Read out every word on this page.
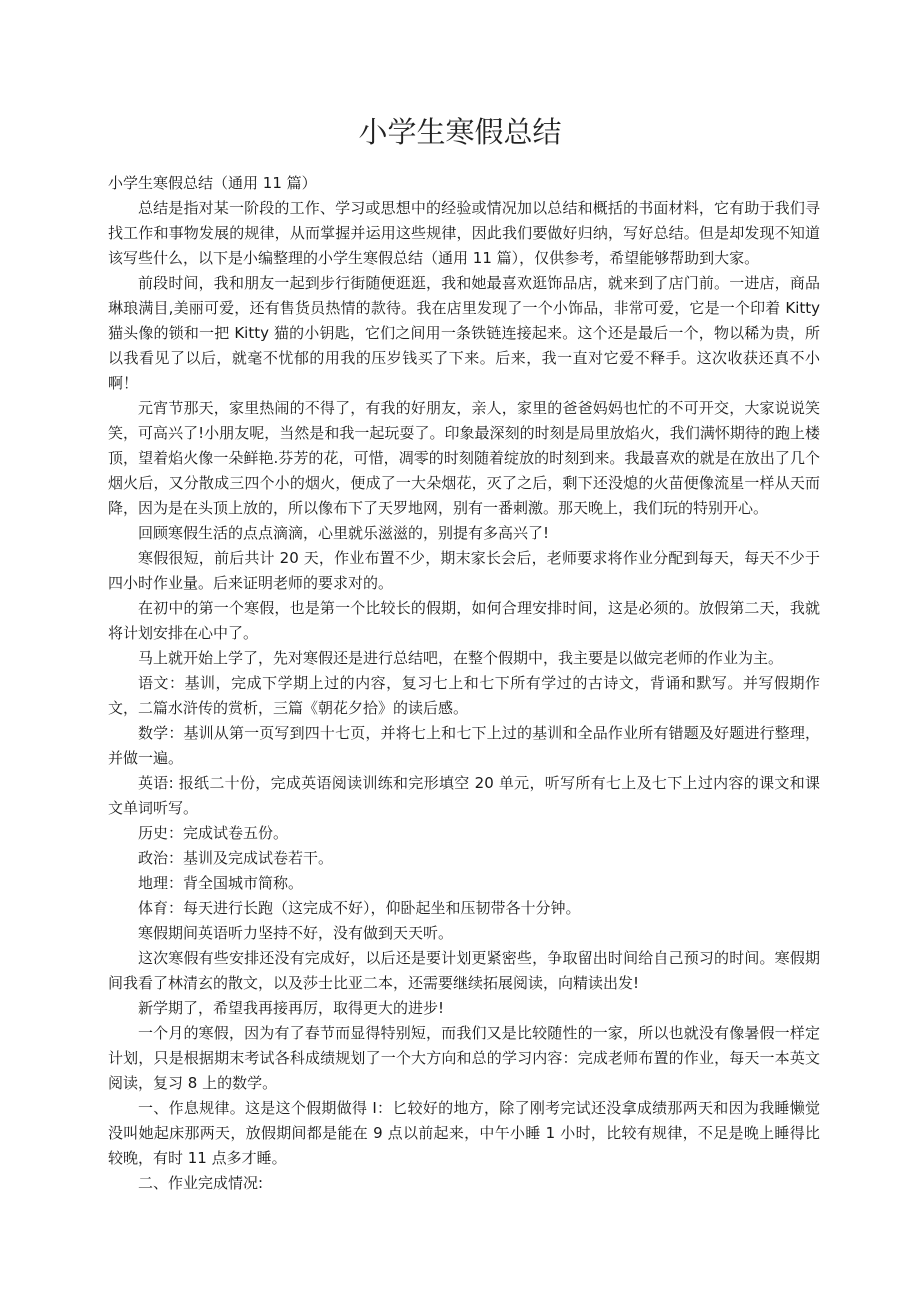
小学生寒假总结

小学生寒假总结（通用 11 篇）

总结是指对某一阶段的工作、学习或思想中的经验或情况加以总结和概括的书面材料，它有助于我们寻找工作和事物发展的规律，从而掌握并运用这些规律，因此我们要做好归纳，写好总结。但是却发现不知道该写些什么，以下是小编整理的小学生寒假总结（通用 11 篇），仅供参考，希望能够帮助到大家。

前段时间，我和朋友一起到步行街随便逛逛，我和她最喜欢逛饰品店，就来到了店门前。一进店，商品琳琅满目,美丽可爱，还有售货员热情的款待。我在店里发现了一个小饰品，非常可爱，它是一个印着 Kitty 猫头像的锁和一把 Kitty 猫的小钥匙，它们之间用一条铁链连接起来。这个还是最后一个，物以稀为贵，所以我看见了以后，就毫不忧郁的用我的压岁钱买了下来。后来，我一直对它爱不释手。这次收获还真不小啊！

元宵节那天，家里热闹的不得了，有我的好朋友，亲人，家里的爸爸妈妈也忙的不可开交，大家说说笑笑，可高兴了!小朋友呢，当然是和我一起玩耍了。印象最深刻的时刻是局里放焰火，我们满怀期待的跑上楼顶，望着焰火像一朵鲜艳.芬芳的花，可惜，凋零的时刻随着绽放的时刻到来。我最喜欢的就是在放出了几个烟火后，又分散成三四个小的烟火，便成了一大朵烟花，灭了之后，剩下还没熄的火苗便像流星一样从天而降，因为是在头顶上放的，所以像布下了天罗地网，别有一番刺激。那天晚上，我们玩的特别开心。

回顾寒假生活的点点滴滴，心里就乐滋滋的，别提有多高兴了!

寒假很短，前后共计 20 天，作业布置不少，期末家长会后，老师要求将作业分配到每天，每天不少于四小时作业量。后来证明老师的要求对的。

在初中的第一个寒假，也是第一个比较长的假期，如何合理安排时间，这是必须的。放假第二天，我就将计划安排在心中了。

马上就开始上学了，先对寒假还是进行总结吧，在整个假期中，我主要是以做完老师的作业为主。

语文：基训，完成下学期上过的内容，复习七上和七下所有学过的古诗文，背诵和默写。并写假期作文，二篇水浒传的赏析，三篇《朝花夕拾》的读后感。

数学：基训从第一页写到四十七页，并将七上和七下上过的基训和全品作业所有错题及好题进行整理，并做一遍。

英语: 报纸二十份，完成英语阅读训练和完形填空 20 单元，听写所有七上及七下上过内容的课文和课文单词听写。

历史：完成试卷五份。

政治：基训及完成试卷若干。

地理：背全国城市简称。

体育：每天进行长跑（这完成不好），仰卧起坐和压韧带各十分钟。

寒假期间英语听力坚持不好，没有做到天天听。

这次寒假有些安排还没有完成好，以后还是要计划更紧密些，争取留出时间给自己预习的时间。寒假期间我看了林清玄的散文，以及莎士比亚二本，还需要继续拓展阅读，向精读出发!

新学期了，希望我再接再厉，取得更大的进步!

一个月的寒假，因为有了春节而显得特别短，而我们又是比较随性的一家，所以也就没有像暑假一样定计划，只是根据期末考试各科成绩规划了一个大方向和总的学习内容：完成老师布置的作业，每天一本英文阅读，复习 8 上的数学。

一、作息规律。这是这个假期做得 I：匕较好的地方，除了刚考完试还没拿成绩那两天和因为我睡懒觉没叫她起床那两天，放假期间都是能在 9 点以前起来，中午小睡 1 小时，比较有规律，不足是晚上睡得比较晚，有时 11 点多才睡。

二、作业完成情况:
